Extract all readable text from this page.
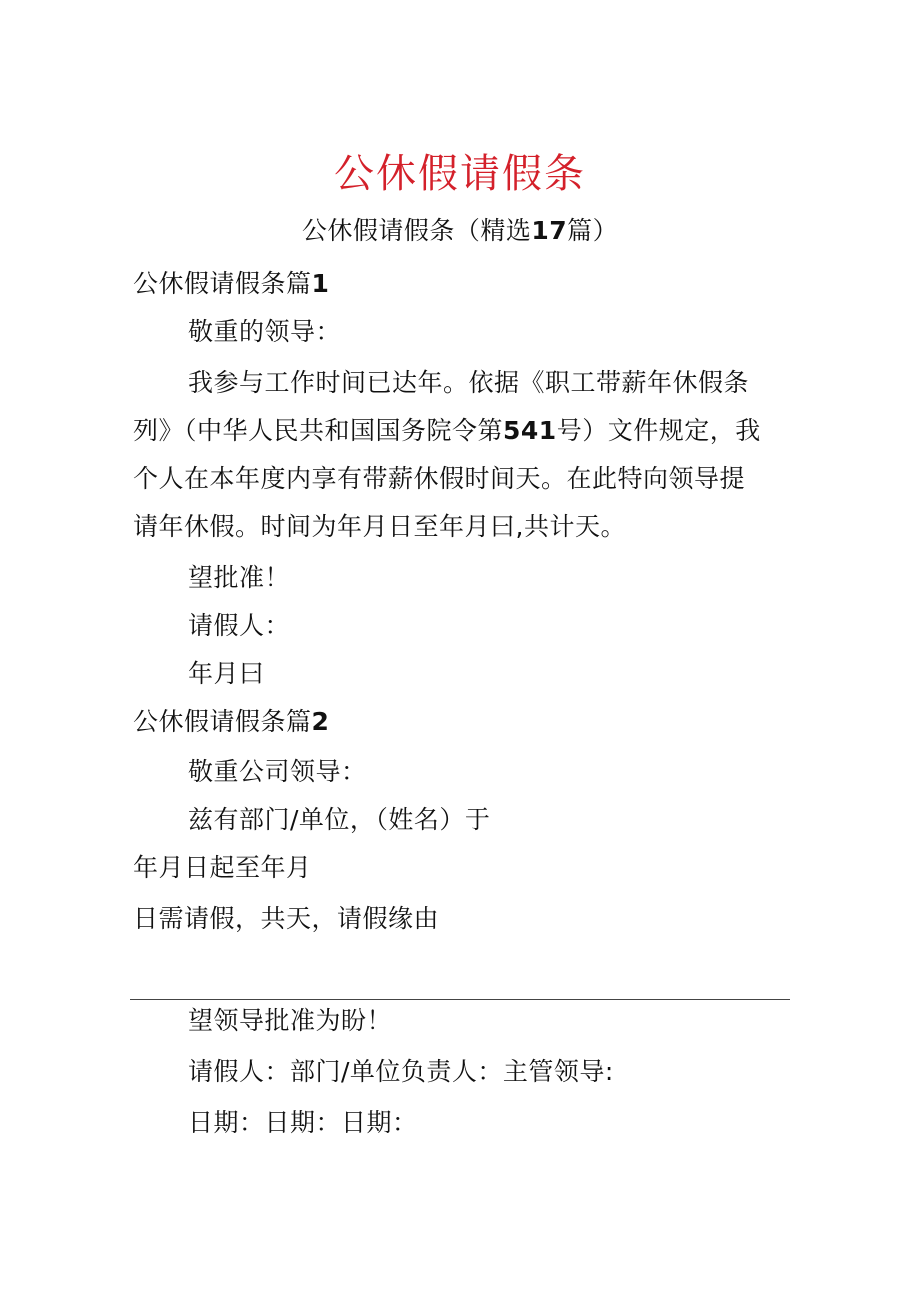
公休假请假条
公休假请假条（精选17篇）
公休假请假条篇1
敬重的领导：
我参与工作时间已达年。依据《职工带薪年休假条
列》（中华人民共和国国务院令第541号）文件规定，我
个人在本年度内享有带薪休假时间天。在此特向领导提
请年休假。时间为年月日至年月曰,共计天。
望批准！
请假人：
年月曰
公休假请假条篇2
敬重公司领导：
兹有部门/单位，（姓名）于
年月日起至年月
日需请假，共天，请假缘由
望领导批准为盼！
请假人：部门/单位负责人：主管领导:
日期：日期：日期：
